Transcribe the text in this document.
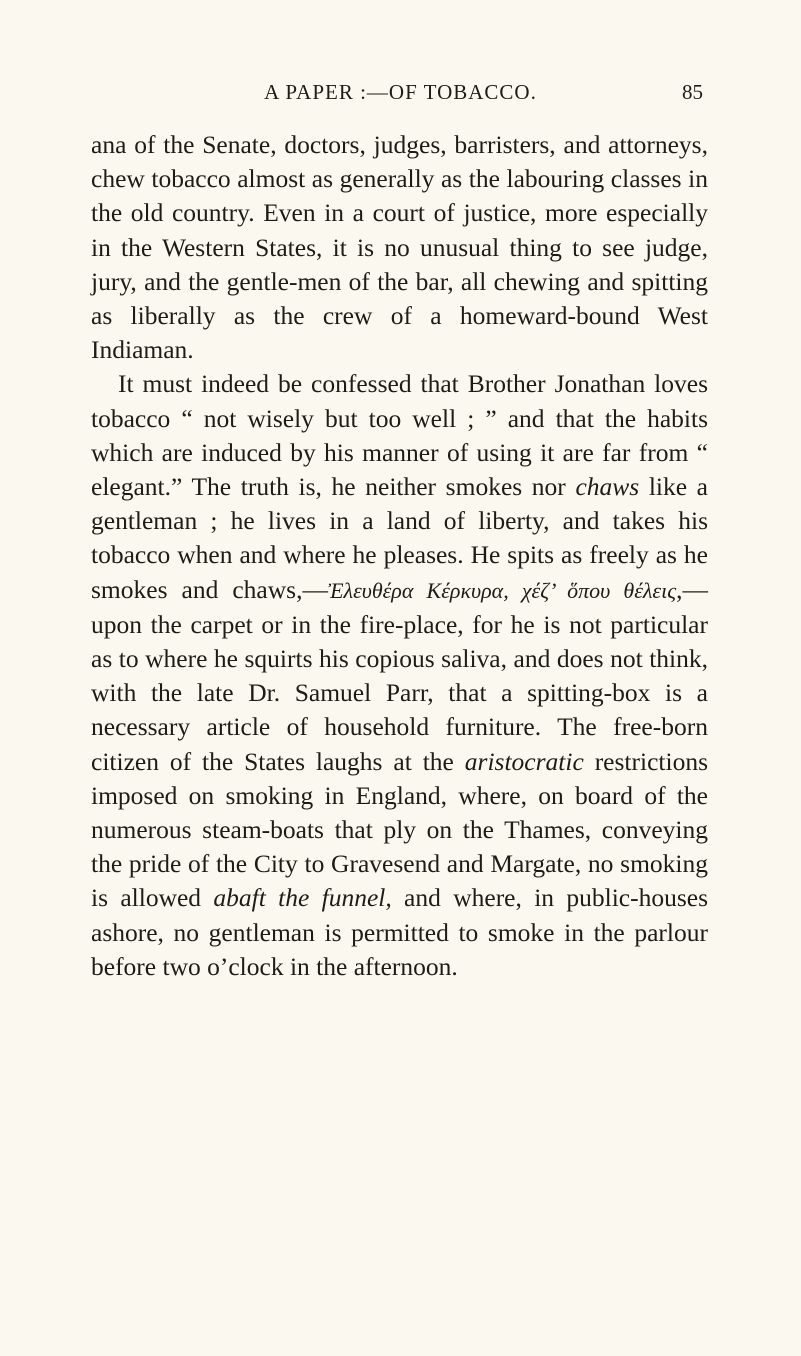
A PAPER :—OF TOBACCO.	85

ana of the Senate, doctors, judges, barristers, and attorneys, chew tobacco almost as generally as the labouring classes in the old country. Even in a court of justice, more especially in the Western States, it is no unusual thing to see judge, jury, and the gentle-men of the bar, all chewing and spitting as liberally as the crew of a homeward-bound West Indiaman.

It must indeed be confessed that Brother Jonathan loves tobacco “ not wisely but too well ; ” and that the habits which are induced by his manner of using it are far from “ elegant.” The truth is, he neither smokes nor chaws like a gentleman ; he lives in a land of liberty, and takes his tobacco when and where he pleases. He spits as freely as he smokes and chaws,—Ἐλευθέρα Κέρκυρα, χέζ’ ὅπου θέλεις,—upon the carpet or in the fire-place, for he is not particular as to where he squirts his copious saliva, and does not think, with the late Dr. Samuel Parr, that a spitting-box is a necessary article of household furniture. The free-born citizen of the States laughs at the aristocratic restrictions imposed on smoking in England, where, on board of the numerous steam-boats that ply on the Thames, conveying the pride of the City to Gravesend and Margate, no smoking is allowed abaft the funnel, and where, in public-houses ashore, no gentleman is permitted to smoke in the parlour before two o’clock in the afternoon.
